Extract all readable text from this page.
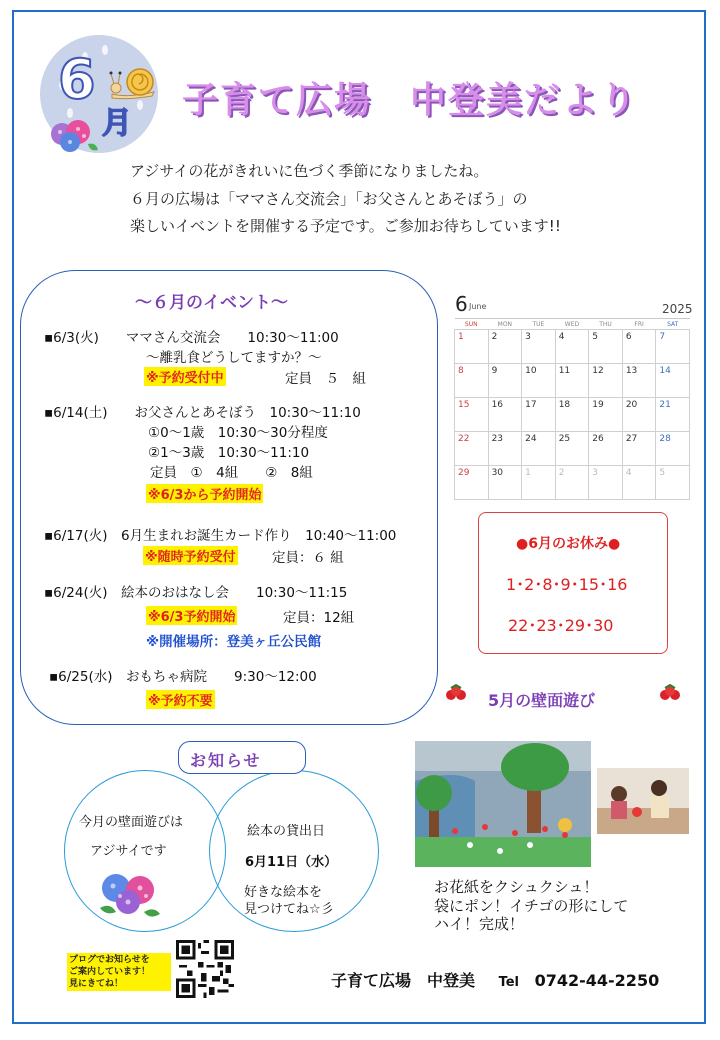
6
月
子育て広場　中登美だより
アジサイの花がきれいに色づく季節になりましたね。
６月の広場は「ママさん交流会」「お父さんとあそぼう」の
楽しいイベントを開催する予定です。ご参加お待ちしています!!
～６月のイベント～
▪6/3(火)　　ママさん交流会　　10:30～11:00
～離乳食どうしてますか？～
※予約受付中	定員　５　組
▪6/14(土)　　お父さんとあそぼう　10:30～11:10
①0～1歳　10:30～30分程度
②1～3歳　10:30～11:10
定員　①　4組　　②　8組
※6/3から予約開始
▪6/17(火)　6月生まれお誕生カード作り　10:40～11:00
※随時予約受付	定員：６ 組
▪6/24(火)　絵本のおはなし会　　10:30～11:15
※6/3予約開始	定員：12組
※開催場所：登美ヶ丘公民館
▪6/25(水)　おもちゃ病院　　9:30～12:00
※予約不要
6 June	2025
SUN	MON	TUE	WED	THU	FRI	SAT
1	2	3	4	5	6	7
8	9	10	11	12	13	14
15	16	17	18	19	20	21
22	23	24	25	26	27	28
29	30	1	2	3	4	5
●6月のお休み●
1･2･8･9･15･16
22･23･29･30
5月の壁面遊び
お花紙をクシュクシュ！
袋にポン！イチゴの形にして
ハイ！完成！
お知らせ
今月の壁面遊びは
アジサイです
絵本の貸出日
6月11日（水）
好きな絵本を
見つけてね☆彡
ブログでお知らせを
ご案内しています！
見にきてね！	子育て広場　中登美 Tel 0742-44-2250
